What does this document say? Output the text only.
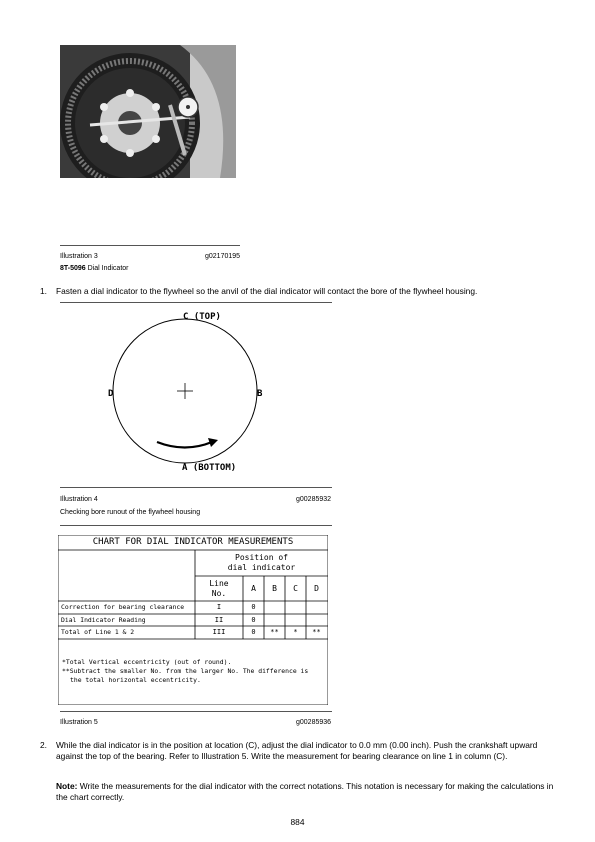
Illustration 3	g02170195
8T-5096 Dial Indicator
1. Fasten a dial indicator to the flywheel so the anvil of the dial indicator will contact the bore of the flywheel housing.
C (TOP)
A (BOTTOM)
D	B
Illustration 4	g00285932
Checking bore runout of the flywheel housing
CHART FOR DIAL INDICATOR MEASUREMENTS
Position of
dial indicator
Line
No.
A	B	C	D
Correction for bearing clearance	I	0
Dial Indicator Reading	II	0
Total of Line 1 & 2	III	0	**	*	**
*Total Vertical eccentricity (out of round).
**Subtract the smaller No. from the larger No. The difference is
the total horizontal eccentricity.
Illustration 5	g00285936
2. While the dial indicator is in the position at location (C), adjust the dial indicator to 0.0 mm (0.00 inch). Push the crankshaft upward against the top of the bearing. Refer to Illustration 5. Write the measurement for bearing clearance on line 1 in column (C).
Note: Write the measurements for the dial indicator with the correct notations. This notation is necessary for making the calculations in the chart correctly.
884
